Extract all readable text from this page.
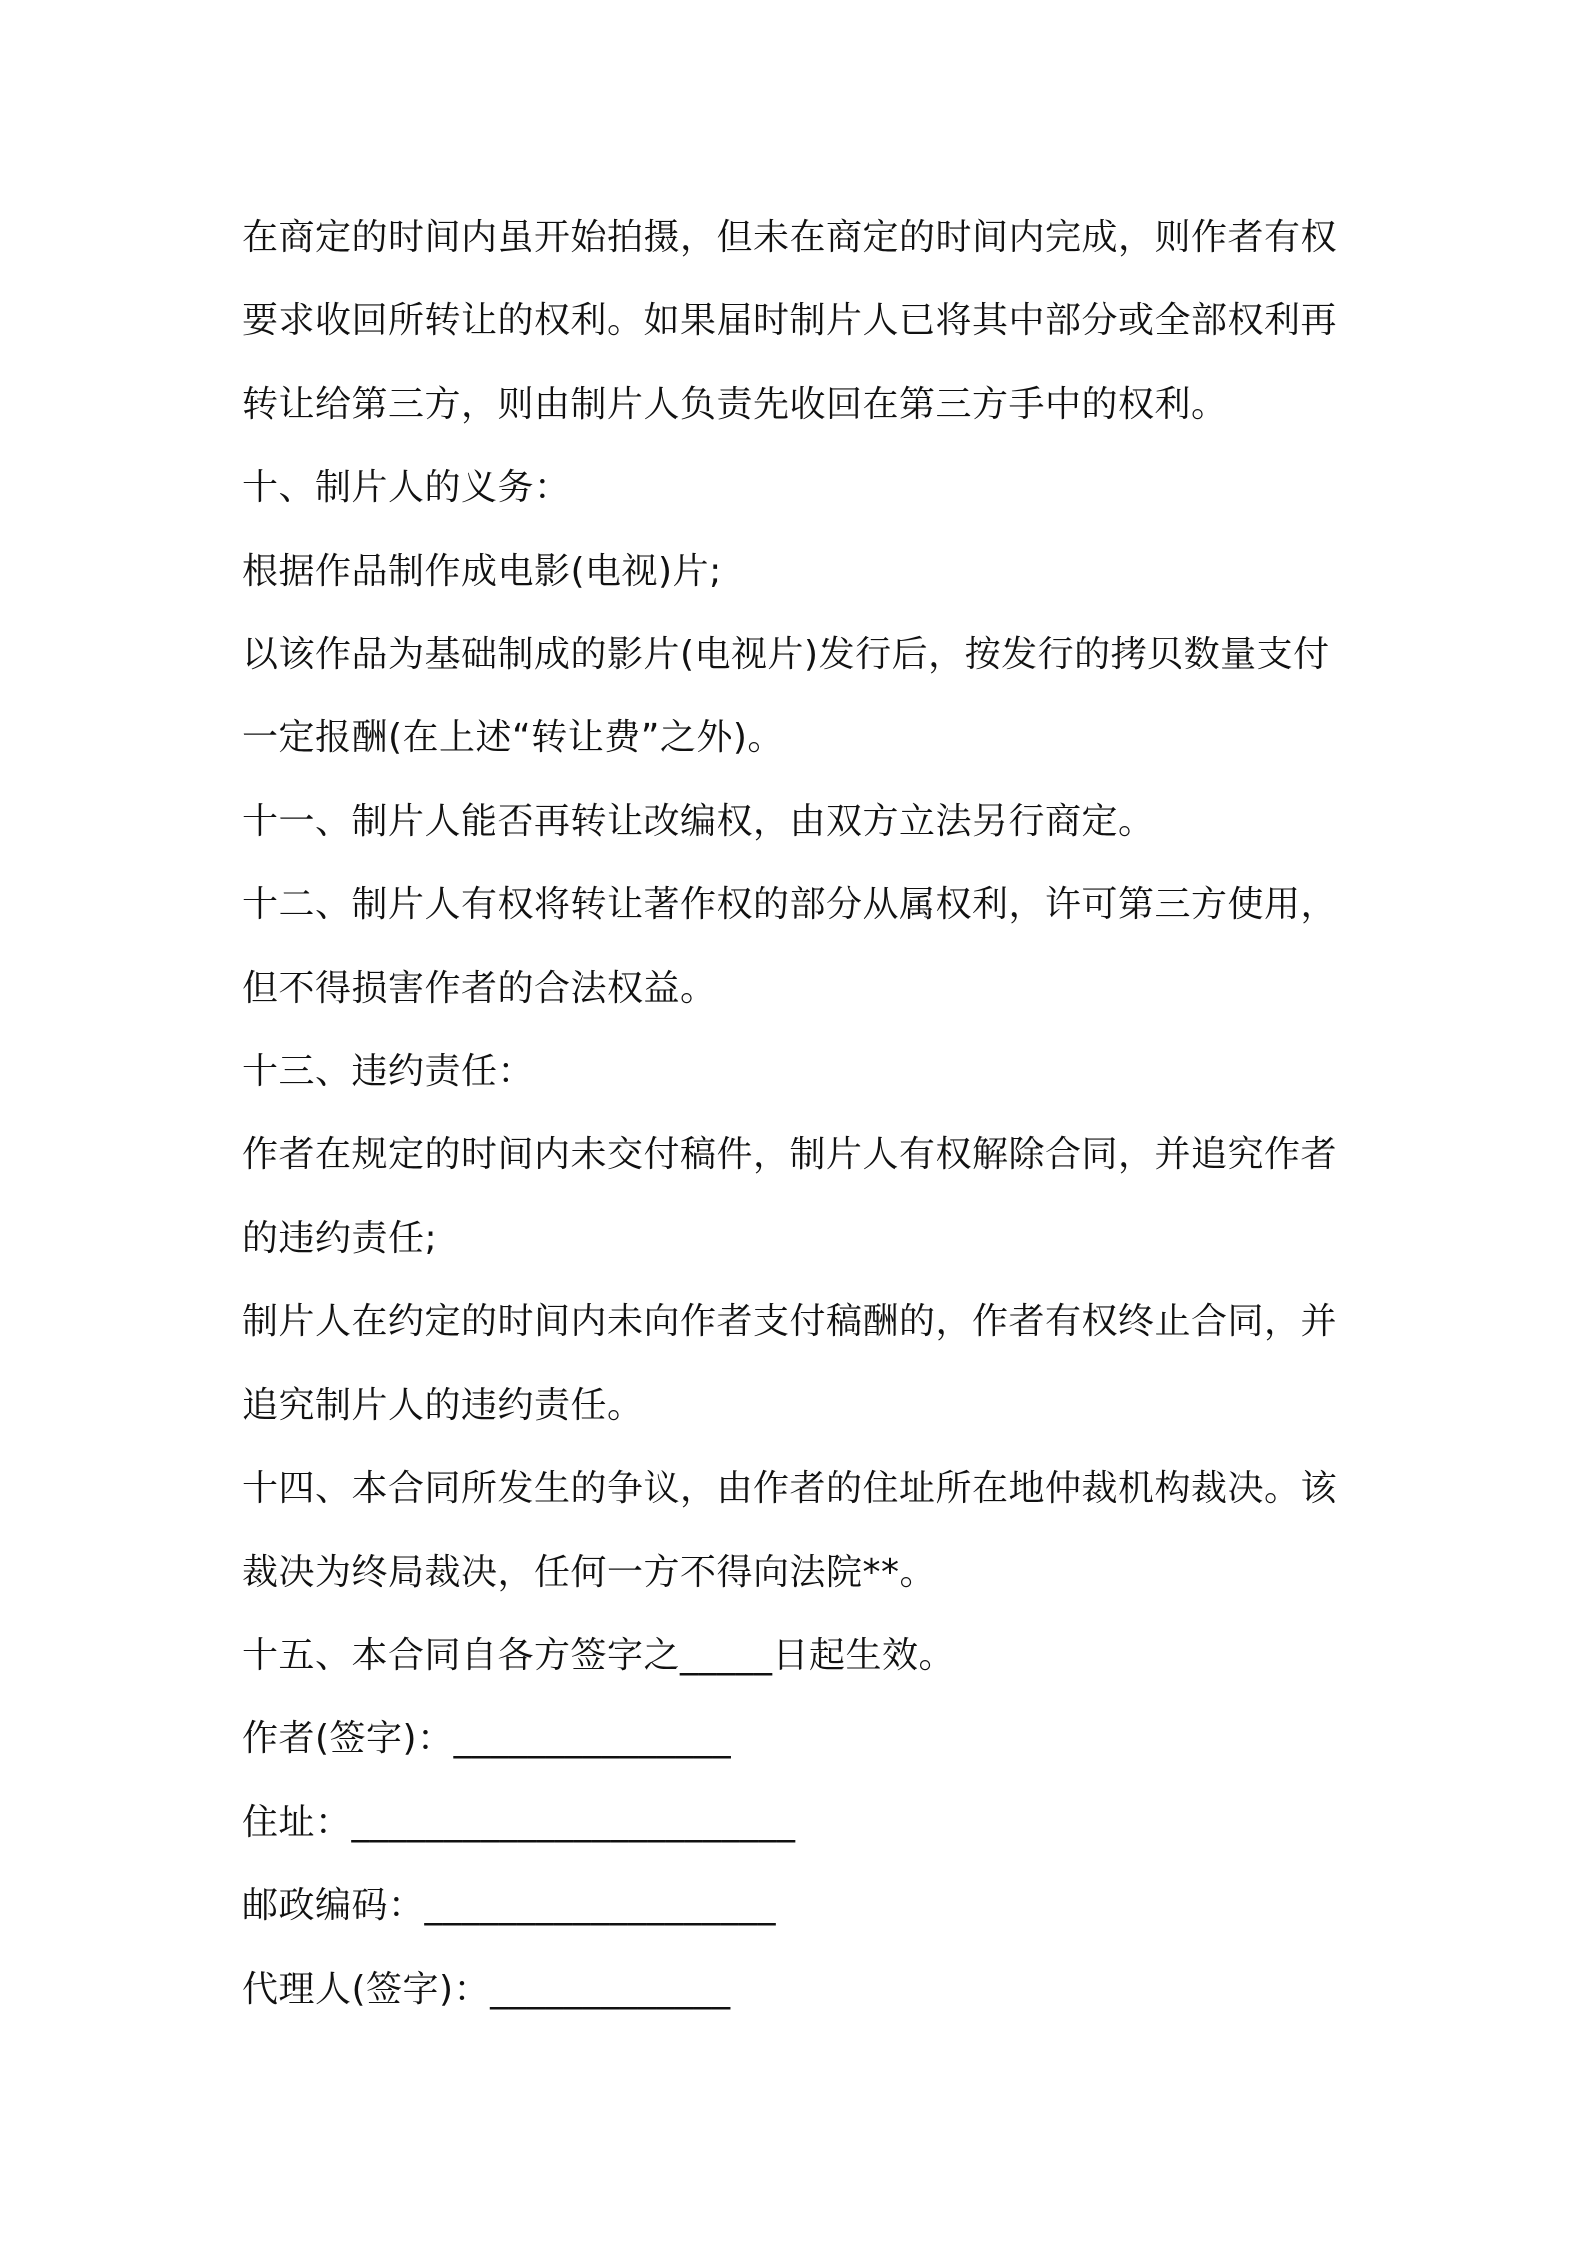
在商定的时间内虽开始拍摄，但未在商定的时间内完成，则作者有权

要求收回所转让的权利。如果届时制片人已将其中部分或全部权利再

转让给第三方，则由制片人负责先收回在第三方手中的权利。

十、制片人的义务：

根据作品制作成电影(电视)片;

以该作品为基础制成的影片(电视片)发行后，按发行的拷贝数量支付

一定报酬(在上述“转让费”之外)。

十一、制片人能否再转让改编权，由双方立法另行商定。

十二、制片人有权将转让著作权的部分从属权利，许可第三方使用，

但不得损害作者的合法权益。

十三、违约责任：

作者在规定的时间内未交付稿件，制片人有权解除合同，并追究作者

的违约责任;

制片人在约定的时间内未向作者支付稿酬的，作者有权终止合同，并

追究制片人的违约责任。

十四、本合同所发生的争议，由作者的住址所在地仲裁机构裁决。该

裁决为终局裁决，任何一方不得向法院**。

十五、本合同自各方签字之_____日起生效。

作者(签字)：_______________

住址：________________________

邮政编码：___________________

代理人(签字)：_____________
